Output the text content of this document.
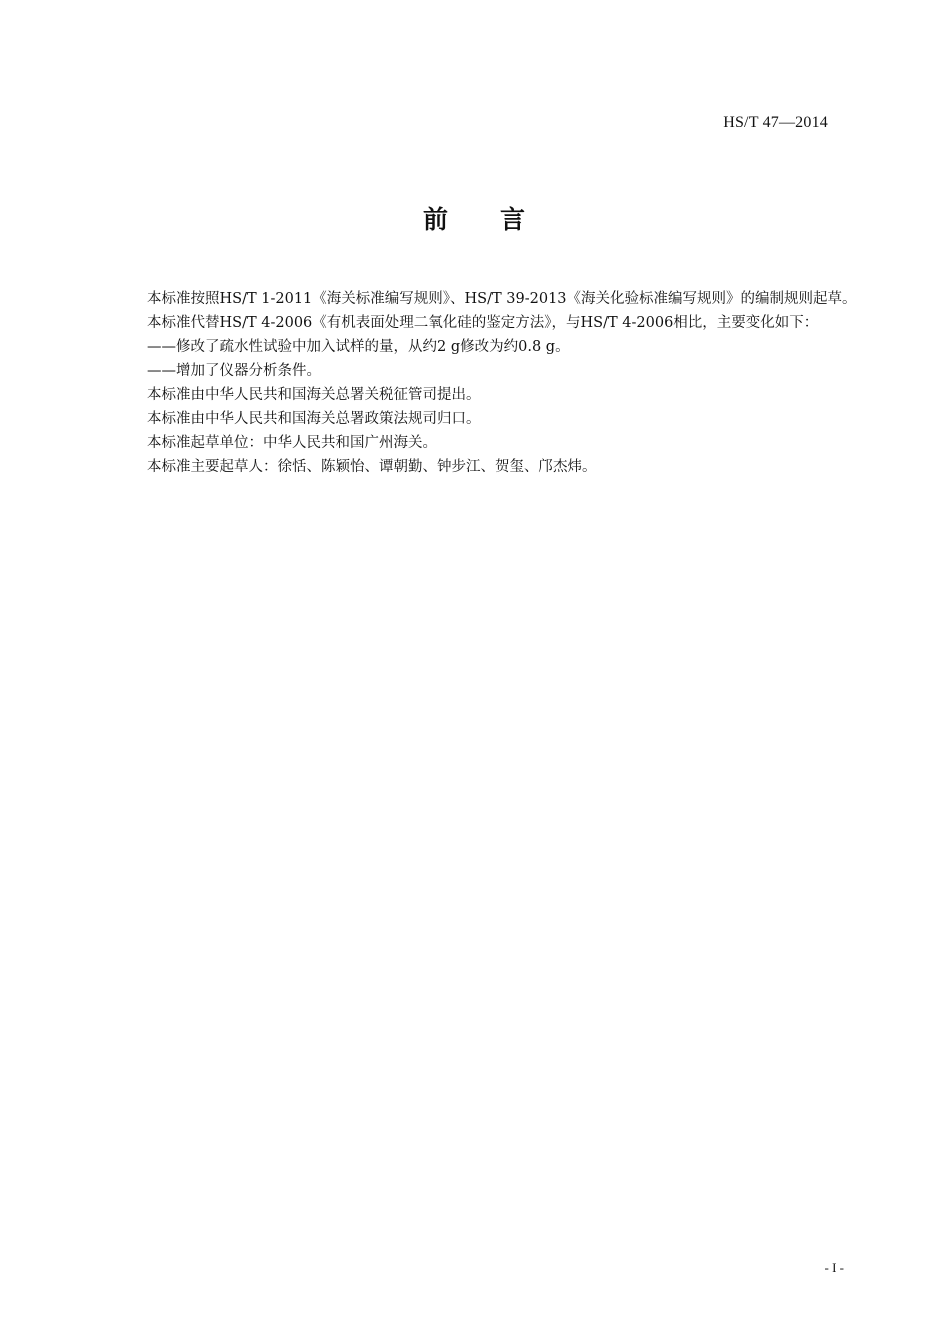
HS/T 47—2014
前 言

本标准按照HS/T 1-2011《海关标准编写规则》、HS/T 39-2013《海关化验标准编写规则》的编制规则起草。

本标准代替HS/T 4-2006《有机表面处理二氧化硅的鉴定方法》，与HS/T 4-2006相比，主要变化如下：

——修改了疏水性试验中加入试样的量，从约2 g修改为约0.8 g。

——增加了仪器分析条件。

本标准由中华人民共和国海关总署关税征管司提出。

本标准由中华人民共和国海关总署政策法规司归口。

本标准起草单位：中华人民共和国广州海关。

本标准主要起草人：徐恬、陈颖怡、谭朝勤、钟步江、贺玺、邝杰炜。

- I -
